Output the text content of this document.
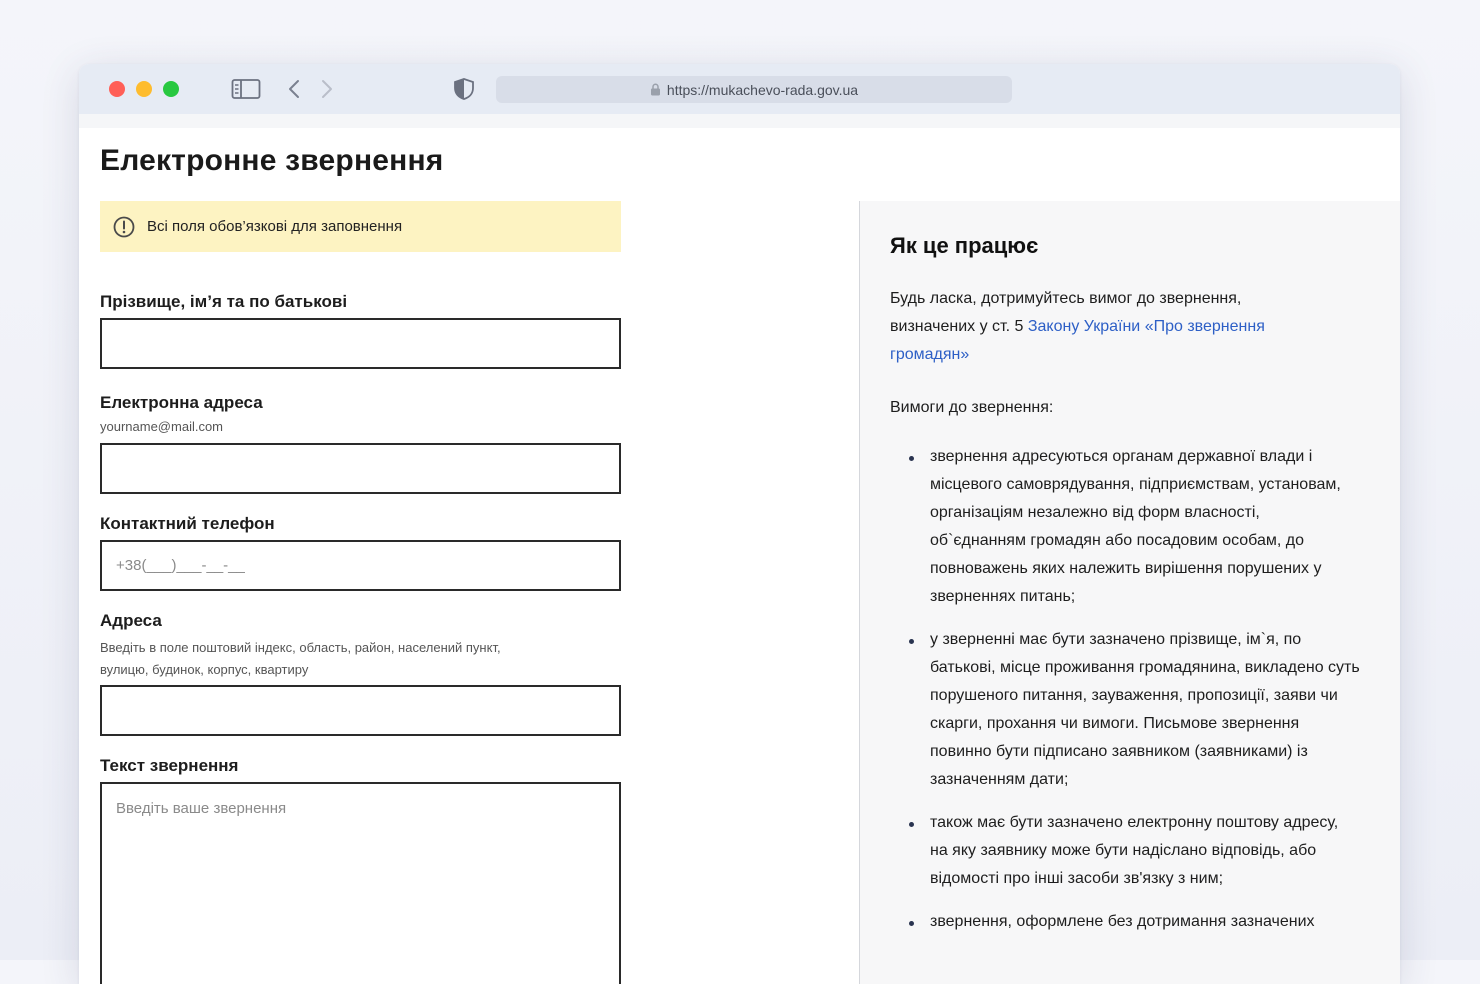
https://mukachevo-rada.gov.ua
Електронне звернення
Всі поля обов’язкові для заповнення
Прізвище, ім’я та по батькові
Електронна адреса
yourname@mail.com
Контактний телефон
+38(___)___-__-__
Адреса
Введіть в поле поштовий індекс, область, район, населений пункт, вулицю, будинок, корпус, квартиру
Текст звернення
Введіть ваше звернення
Як це працює

Будь ласка, дотримуйтесь вимог до звернення, визначених у ст. 5 Закону України «Про звернення громадян»

Вимоги до звернення:

звернення адресуються органам державної влади і місцевого самоврядування, підприємствам, установам, організаціям незалежно від форм власності, об`єднанням громадян або посадовим особам, до повноважень яких належить вирішення порушених у зверненнях питань;
у зверненні має бути зазначено прізвище, ім`я, по батькові, місце проживання громадянина, викладено суть порушеного питання, зауваження, пропозиції, заяви чи скарги, прохання чи вимоги. Письмове звернення повинно бути підписано заявником (заявниками) із зазначенням дати;
також має бути зазначено електронну поштову адресу, на яку заявнику може бути надіслано відповідь, або відомості про інші засоби зв'язку з ним;
звернення, оформлене без дотримання зазначених
